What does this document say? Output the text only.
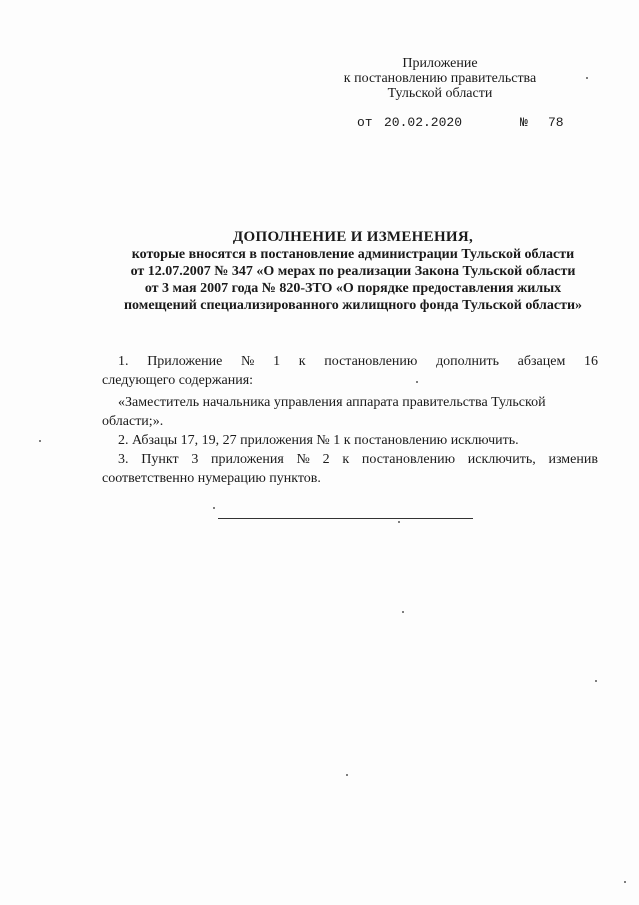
Приложение
к постановлению правительства
Тульской области
от 20.02.2020	№ 78
ДОПОЛНЕНИЕ И ИЗМЕНЕНИЯ,
которые вносятся в постановление администрации Тульской области
от 12.07.2007 № 347 «О мерах по реализации Закона Тульской области
от 3 мая 2007 года № 820-ЗТО «О порядке предоставления жилых
помещений специализированного жилищного фонда Тульской области»
1. Приложение № 1 к постановлению дополнить абзацем 16
следующего содержания:
«Заместитель начальника управления аппарата правительства Тульской
области;».
2. Абзацы 17, 19, 27 приложения № 1 к постановлению исключить.
3. Пункт 3 приложения № 2 к постановлению исключить, изменив
соответственно нумерацию пунктов.
